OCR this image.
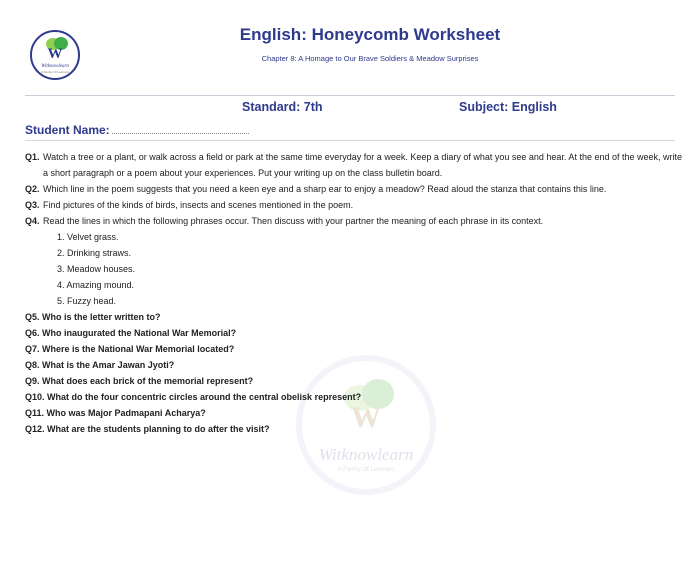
W
Witknowlearn
A Family Of Learners
English: Honeycomb Worksheet
Chapter 8: A Homage to Our Brave Soldiers & Meadow Surprises
Standard: 7th	Subject: English
Student Name:
W
Witknowlearn
A Family Of Learners
Q1. Watch a tree or a plant, or walk across a field or park at the same time everyday for a week. Keep a diary of what you see and hear. At the end of the week, write a short paragraph or a poem about your experiences. Put your writing up on the class bulletin board.
Q2. Which line in the poem suggests that you need a keen eye and a sharp ear to enjoy a meadow? Read aloud the stanza that contains this line.
Q3. Find pictures of the kinds of birds, insects and scenes mentioned in the poem.
Q4. Read the lines in which the following phrases occur. Then discuss with your partner the meaning of each phrase in its context.
1. Velvet grass.
2. Drinking straws.
3. Meadow houses.
4. Amazing mound.
5. Fuzzy head.
Q5. Who is the letter written to?
Q6. Who inaugurated the National War Memorial?
Q7. Where is the National War Memorial located?
Q8. What is the Amar Jawan Jyoti?
Q9. What does each brick of the memorial represent?
Q10. What do the four concentric circles around the central obelisk represent?
Q11. Who was Major Padmapani Acharya?
Q12. What are the students planning to do after the visit?
